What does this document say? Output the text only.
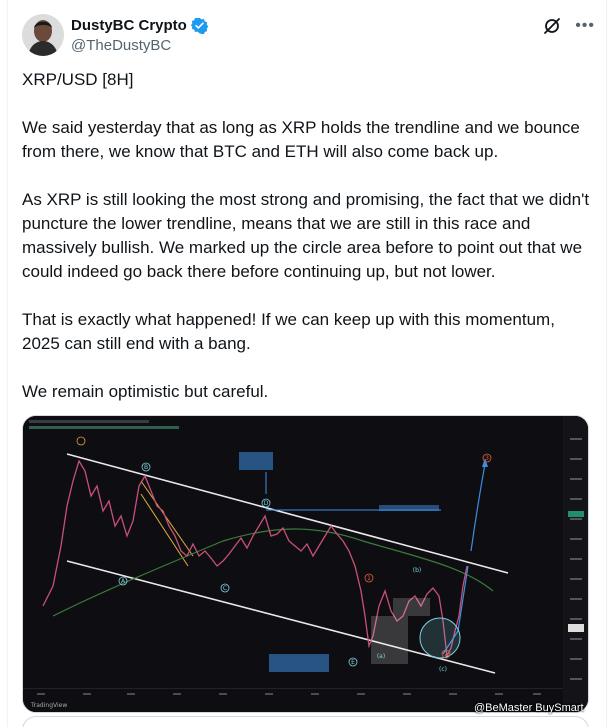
DustyBC Crypto
@TheDustyBC
•••

XRP/USD [8H]

We said yesterday that as long as XRP holds the trendline and we bounce from there, we know that BTC and ETH will also come back up.

As XRP is still looking the most strong and promising, the fact that we didn't puncture the lower trendline, means that we are still in this race and massively bullish. We marked up the circle area before to point out that we could indeed go back there before continuing up, but not lower.

That is exactly what happened! If we can keep up with this momentum, 2025 can still end with a bang.

We remain optimistic but careful.

B
A
C
D
E
1
2
3
(a)
(b)
(c)
TradingView	@BeMaster BuySmart
